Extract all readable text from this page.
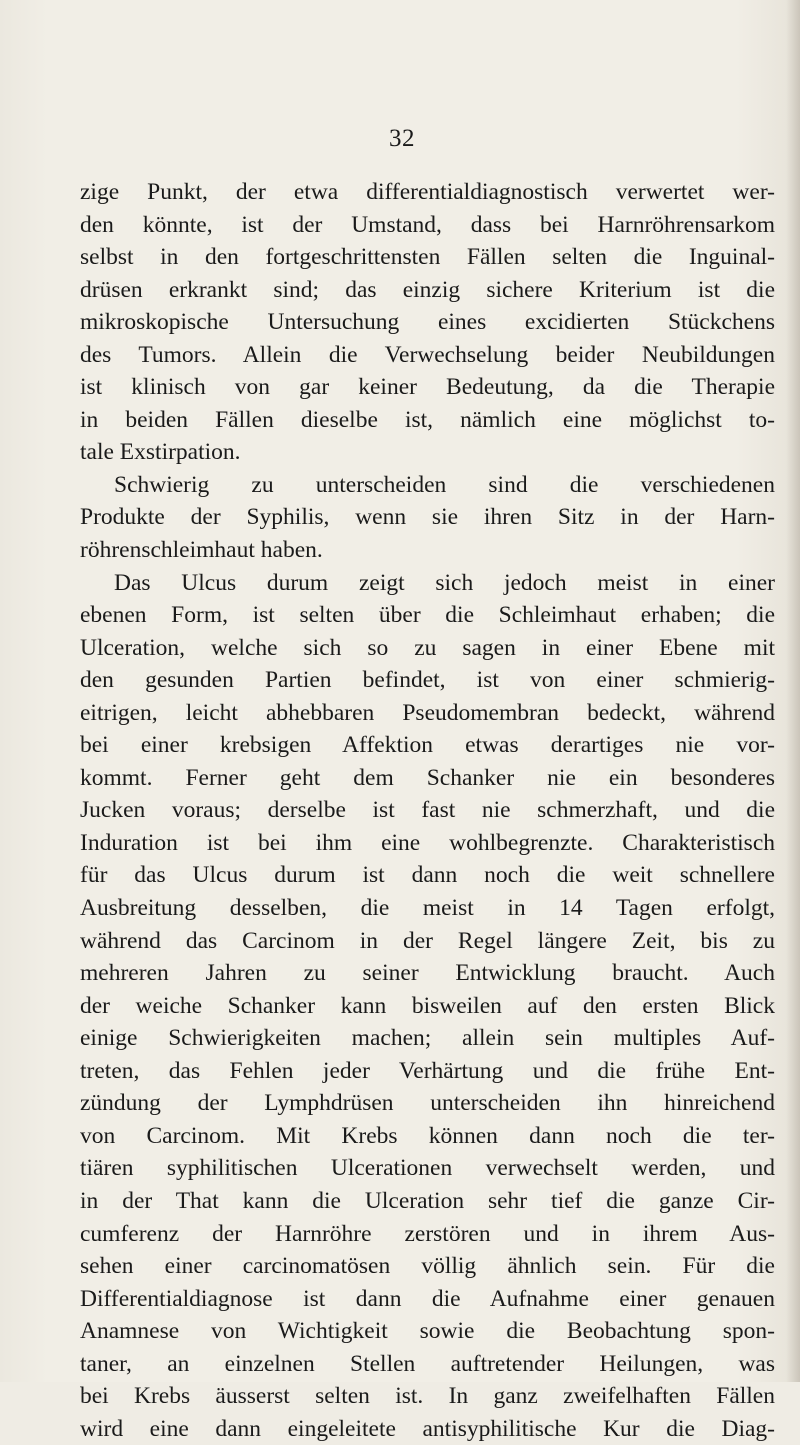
32
zige Punkt, der etwa differentialdiagnostisch verwertet wer-
den könnte, ist der Umstand, dass bei Harnröhrensarkom
selbst in den fortgeschrittensten Fällen selten die Inguinal-
drüsen erkrankt sind; das einzig sichere Kriterium ist die
mikroskopische Untersuchung eines excidierten Stückchens
des Tumors. Allein die Verwechselung beider Neubildungen
ist klinisch von gar keiner Bedeutung, da die Therapie
in beiden Fällen dieselbe ist, nämlich eine möglichst to-
tale Exstirpation.
Schwierig zu unterscheiden sind die verschiedenen
Produkte der Syphilis, wenn sie ihren Sitz in der Harn-
röhrenschleimhaut haben.
Das Ulcus durum zeigt sich jedoch meist in einer
ebenen Form, ist selten über die Schleimhaut erhaben; die
Ulceration, welche sich so zu sagen in einer Ebene mit
den gesunden Partien befindet, ist von einer schmierig-
eitrigen, leicht abhebbaren Pseudomembran bedeckt, während
bei einer krebsigen Affektion etwas derartiges nie vor-
kommt. Ferner geht dem Schanker nie ein besonderes
Jucken voraus; derselbe ist fast nie schmerzhaft, und die
Induration ist bei ihm eine wohlbegrenzte. Charakteristisch
für das Ulcus durum ist dann noch die weit schnellere
Ausbreitung desselben, die meist in 14 Tagen erfolgt,
während das Carcinom in der Regel längere Zeit, bis zu
mehreren Jahren zu seiner Entwicklung braucht. Auch
der weiche Schanker kann bisweilen auf den ersten Blick
einige Schwierigkeiten machen; allein sein multiples Auf-
treten, das Fehlen jeder Verhärtung und die frühe Ent-
zündung der Lymphdrüsen unterscheiden ihn hinreichend
von Carcinom. Mit Krebs können dann noch die ter-
tiären syphilitischen Ulcerationen verwechselt werden, und
in der That kann die Ulceration sehr tief die ganze Cir-
cumferenz der Harnröhre zerstören und in ihrem Aus-
sehen einer carcinomatösen völlig ähnlich sein. Für die
Differentialdiagnose ist dann die Aufnahme einer genauen
Anamnese von Wichtigkeit sowie die Beobachtung spon-
taner, an einzelnen Stellen auftretender Heilungen, was
bei Krebs äusserst selten ist. In ganz zweifelhaften Fällen
wird eine dann eingeleitete antisyphilitische Kur die Diag-
